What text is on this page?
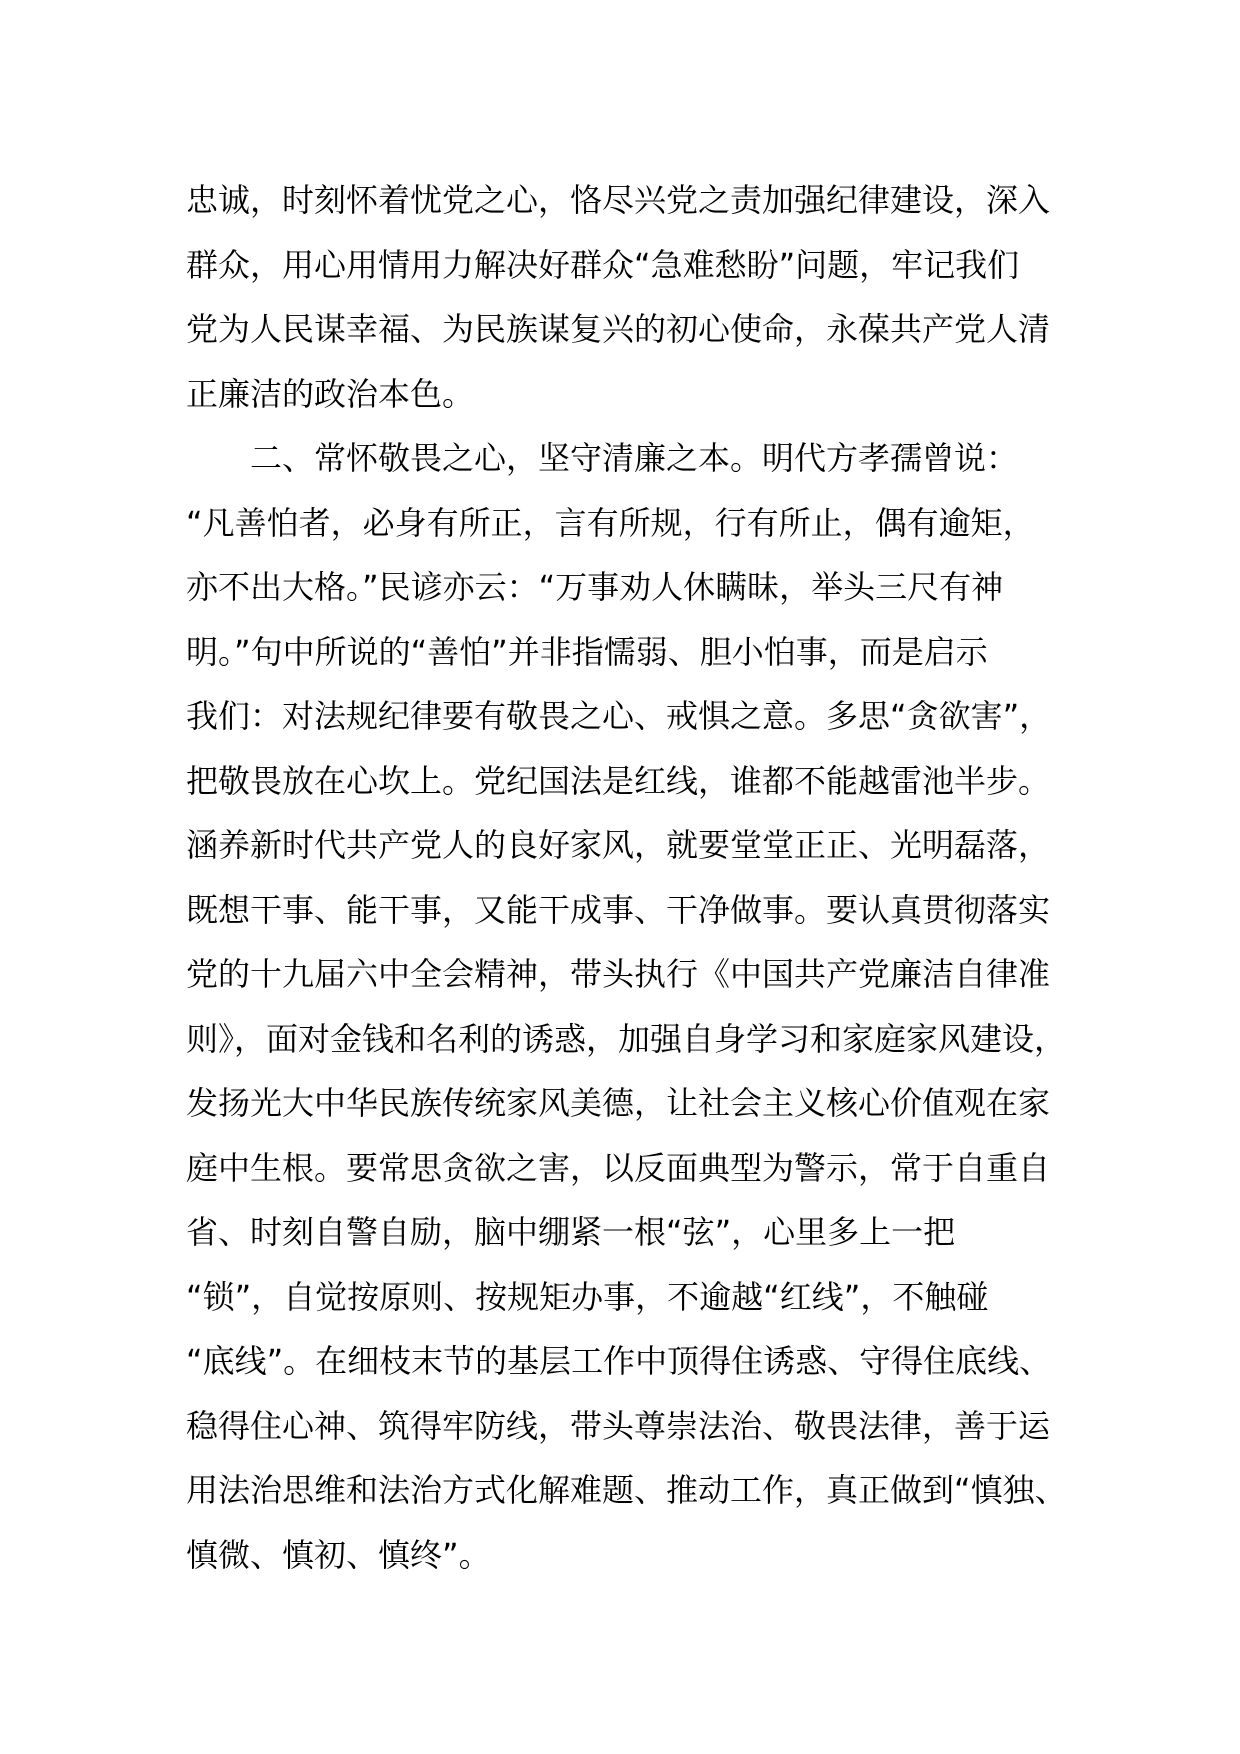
忠诚，时刻怀着忧党之心，恪尽兴党之责加强纪律建设，深入
群众，用心用情用力解决好群众“急难愁盼”问题，牢记我们
党为人民谋幸福、为民族谋复兴的初心使命，永葆共产党人清
正廉洁的政治本色。
　　二、常怀敬畏之心，坚守清廉之本。明代方孝孺曾说：
“凡善怕者，必身有所正，言有所规，行有所止，偶有逾矩，
亦不出大格。”民谚亦云：“万事劝人休瞒昧，举头三尺有神
明。”句中所说的“善怕”并非指懦弱、胆小怕事，而是启示
我们：对法规纪律要有敬畏之心、戒惧之意。多思“贪欲害”，
把敬畏放在心坎上。党纪国法是红线，谁都不能越雷池半步。
涵养新时代共产党人的良好家风，就要堂堂正正、光明磊落，
既想干事、能干事，又能干成事、干净做事。要认真贯彻落实
党的十九届六中全会精神，带头执行《中国共产党廉洁自律准
则》，面对金钱和名利的诱惑，加强自身学习和家庭家风建设，
发扬光大中华民族传统家风美德，让社会主义核心价值观在家
庭中生根。要常思贪欲之害，以反面典型为警示，常于自重自
省、时刻自警自励，脑中绷紧一根“弦”，心里多上一把
“锁”，自觉按原则、按规矩办事，不逾越“红线”，不触碰
“底线”。在细枝末节的基层工作中顶得住诱惑、守得住底线、
稳得住心神、筑得牢防线，带头尊崇法治、敬畏法律，善于运
用法治思维和法治方式化解难题、推动工作，真正做到“慎独、
慎微、慎初、慎终”。
